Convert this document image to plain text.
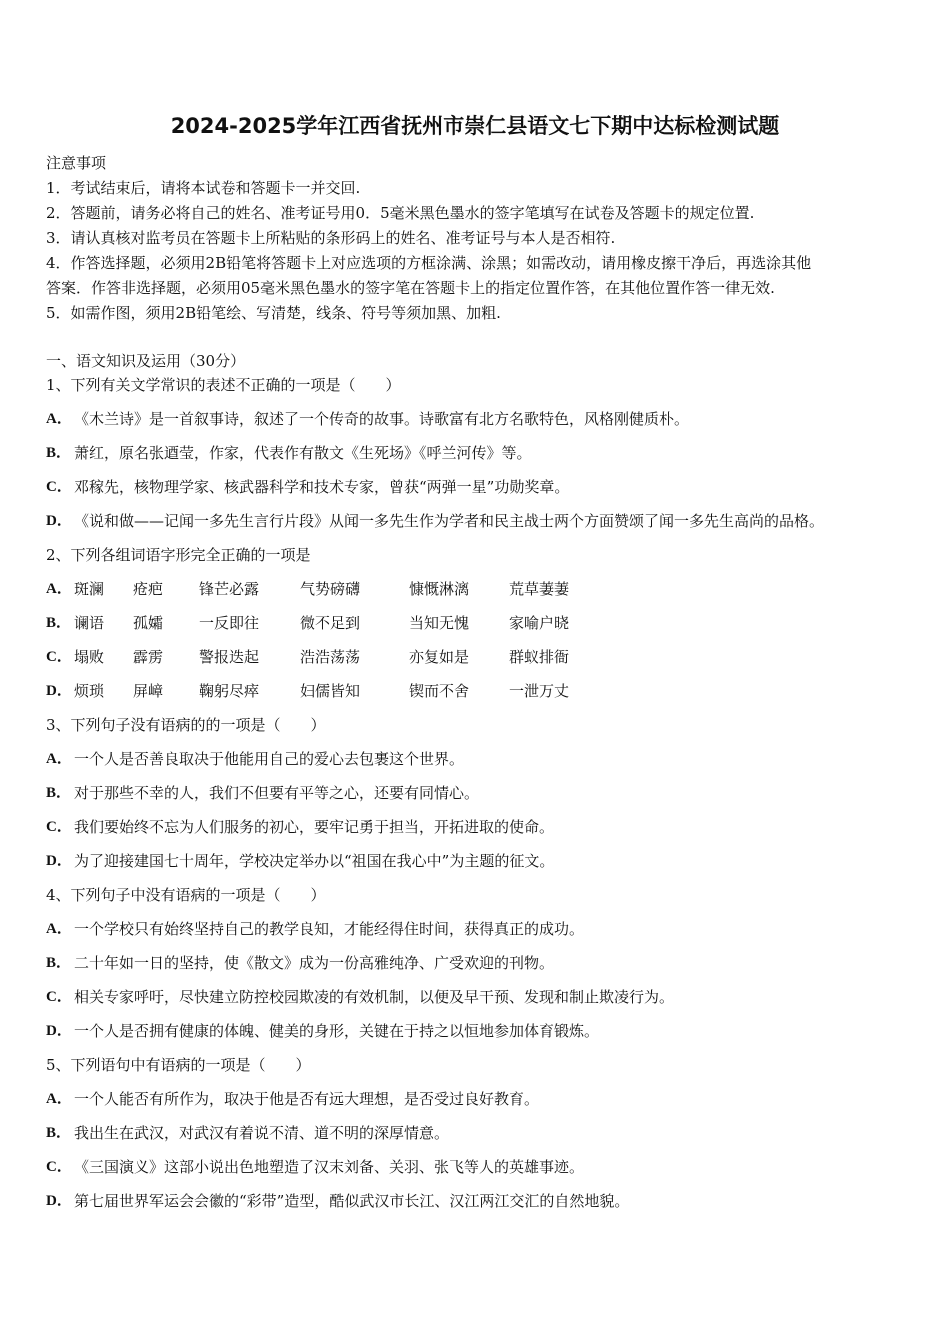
2024-2025学年江西省抚州市崇仁县语文七下期中达标检测试题
注意事项
1．考试结束后，请将本试卷和答题卡一并交回.
2．答题前，请务必将自己的姓名、准考证号用0．5毫米黑色墨水的签字笔填写在试卷及答题卡的规定位置.
3．请认真核对监考员在答题卡上所粘贴的条形码上的姓名、准考证号与本人是否相符.
4．作答选择题，必须用2B铅笔将答题卡上对应选项的方框涂满、涂黑；如需改动，请用橡皮擦干净后，再选涂其他
答案．作答非选择题，必须用05毫米黑色墨水的签字笔在答题卡上的指定位置作答，在其他位置作答一律无效.
5．如需作图，须用2B铅笔绘、写清楚，线条、符号等须加黑、加粗.
一、语文知识及运用（30分）
1、下列有关文学常识的表述不正确的一项是（　　）
A． 《木兰诗》是一首叙事诗，叙述了一个传奇的故事。诗歌富有北方名歌特色，风格刚健质朴。
B． 萧红，原名张逎莹，作家，代表作有散文《生死场》《呼兰河传》等。
C． 邓稼先，核物理学家、核武器科学和技术专家，曾获“两弹一星”功勋奖章。
D． 《说和做——记闻一多先生言行片段》从闻一多先生作为学者和民主战士两个方面赞颂了闻一多先生高尚的品格。
2、下列各组词语字形完全正确的一项是
A． 斑澜 疮疤 锋芒必露	气势磅礴	慷慨淋漓	荒草萋萋
B． 谰语 孤孀 一反即往	微不足到	当知无愧	家喻户晓
C． 塌败 霹雳 警报迭起	浩浩荡荡	亦复如是	群蚁排衙
D． 烦琐 屏嶂 鞠躬尽瘁	妇儒皆知	锲而不舍	一泄万丈
3、下列句子没有语病的的一项是（　　）
A． 一个人是否善良取决于他能用自己的爱心去包裹这个世界。
B． 对于那些不幸的人，我们不但要有平等之心，还要有同情心。
C． 我们要始终不忘为人们服务的初心，要牢记勇于担当，开拓进取的使命。
D． 为了迎接建国七十周年，学校决定举办以“祖国在我心中”为主题的征文。
4、下列句子中没有语病的一项是（　　）
A． 一个学校只有始终坚持自己的教学良知，才能经得住时间，获得真正的成功。
B． 二十年如一日的坚持，使《散文》成为一份高雅纯净、广受欢迎的刊物。
C． 相关专家呼吁，尽快建立防控校园欺凌的有效机制，以便及早干预、发现和制止欺凌行为。
D． 一个人是否拥有健康的体魄、健美的身形，关键在于持之以恒地参加体育锻炼。
5、下列语句中有语病的一项是（　　）
A． 一个人能否有所作为，取决于他是否有远大理想，是否受过良好教育。
B． 我出生在武汉，对武汉有着说不清、道不明的深厚情意。
C． 《三国演义》这部小说出色地塑造了汉末刘备、关羽、张飞等人的英雄事迹。
D． 第七届世界军运会会徽的“彩带”造型，酷似武汉市长江、汉江两江交汇的自然地貌。
